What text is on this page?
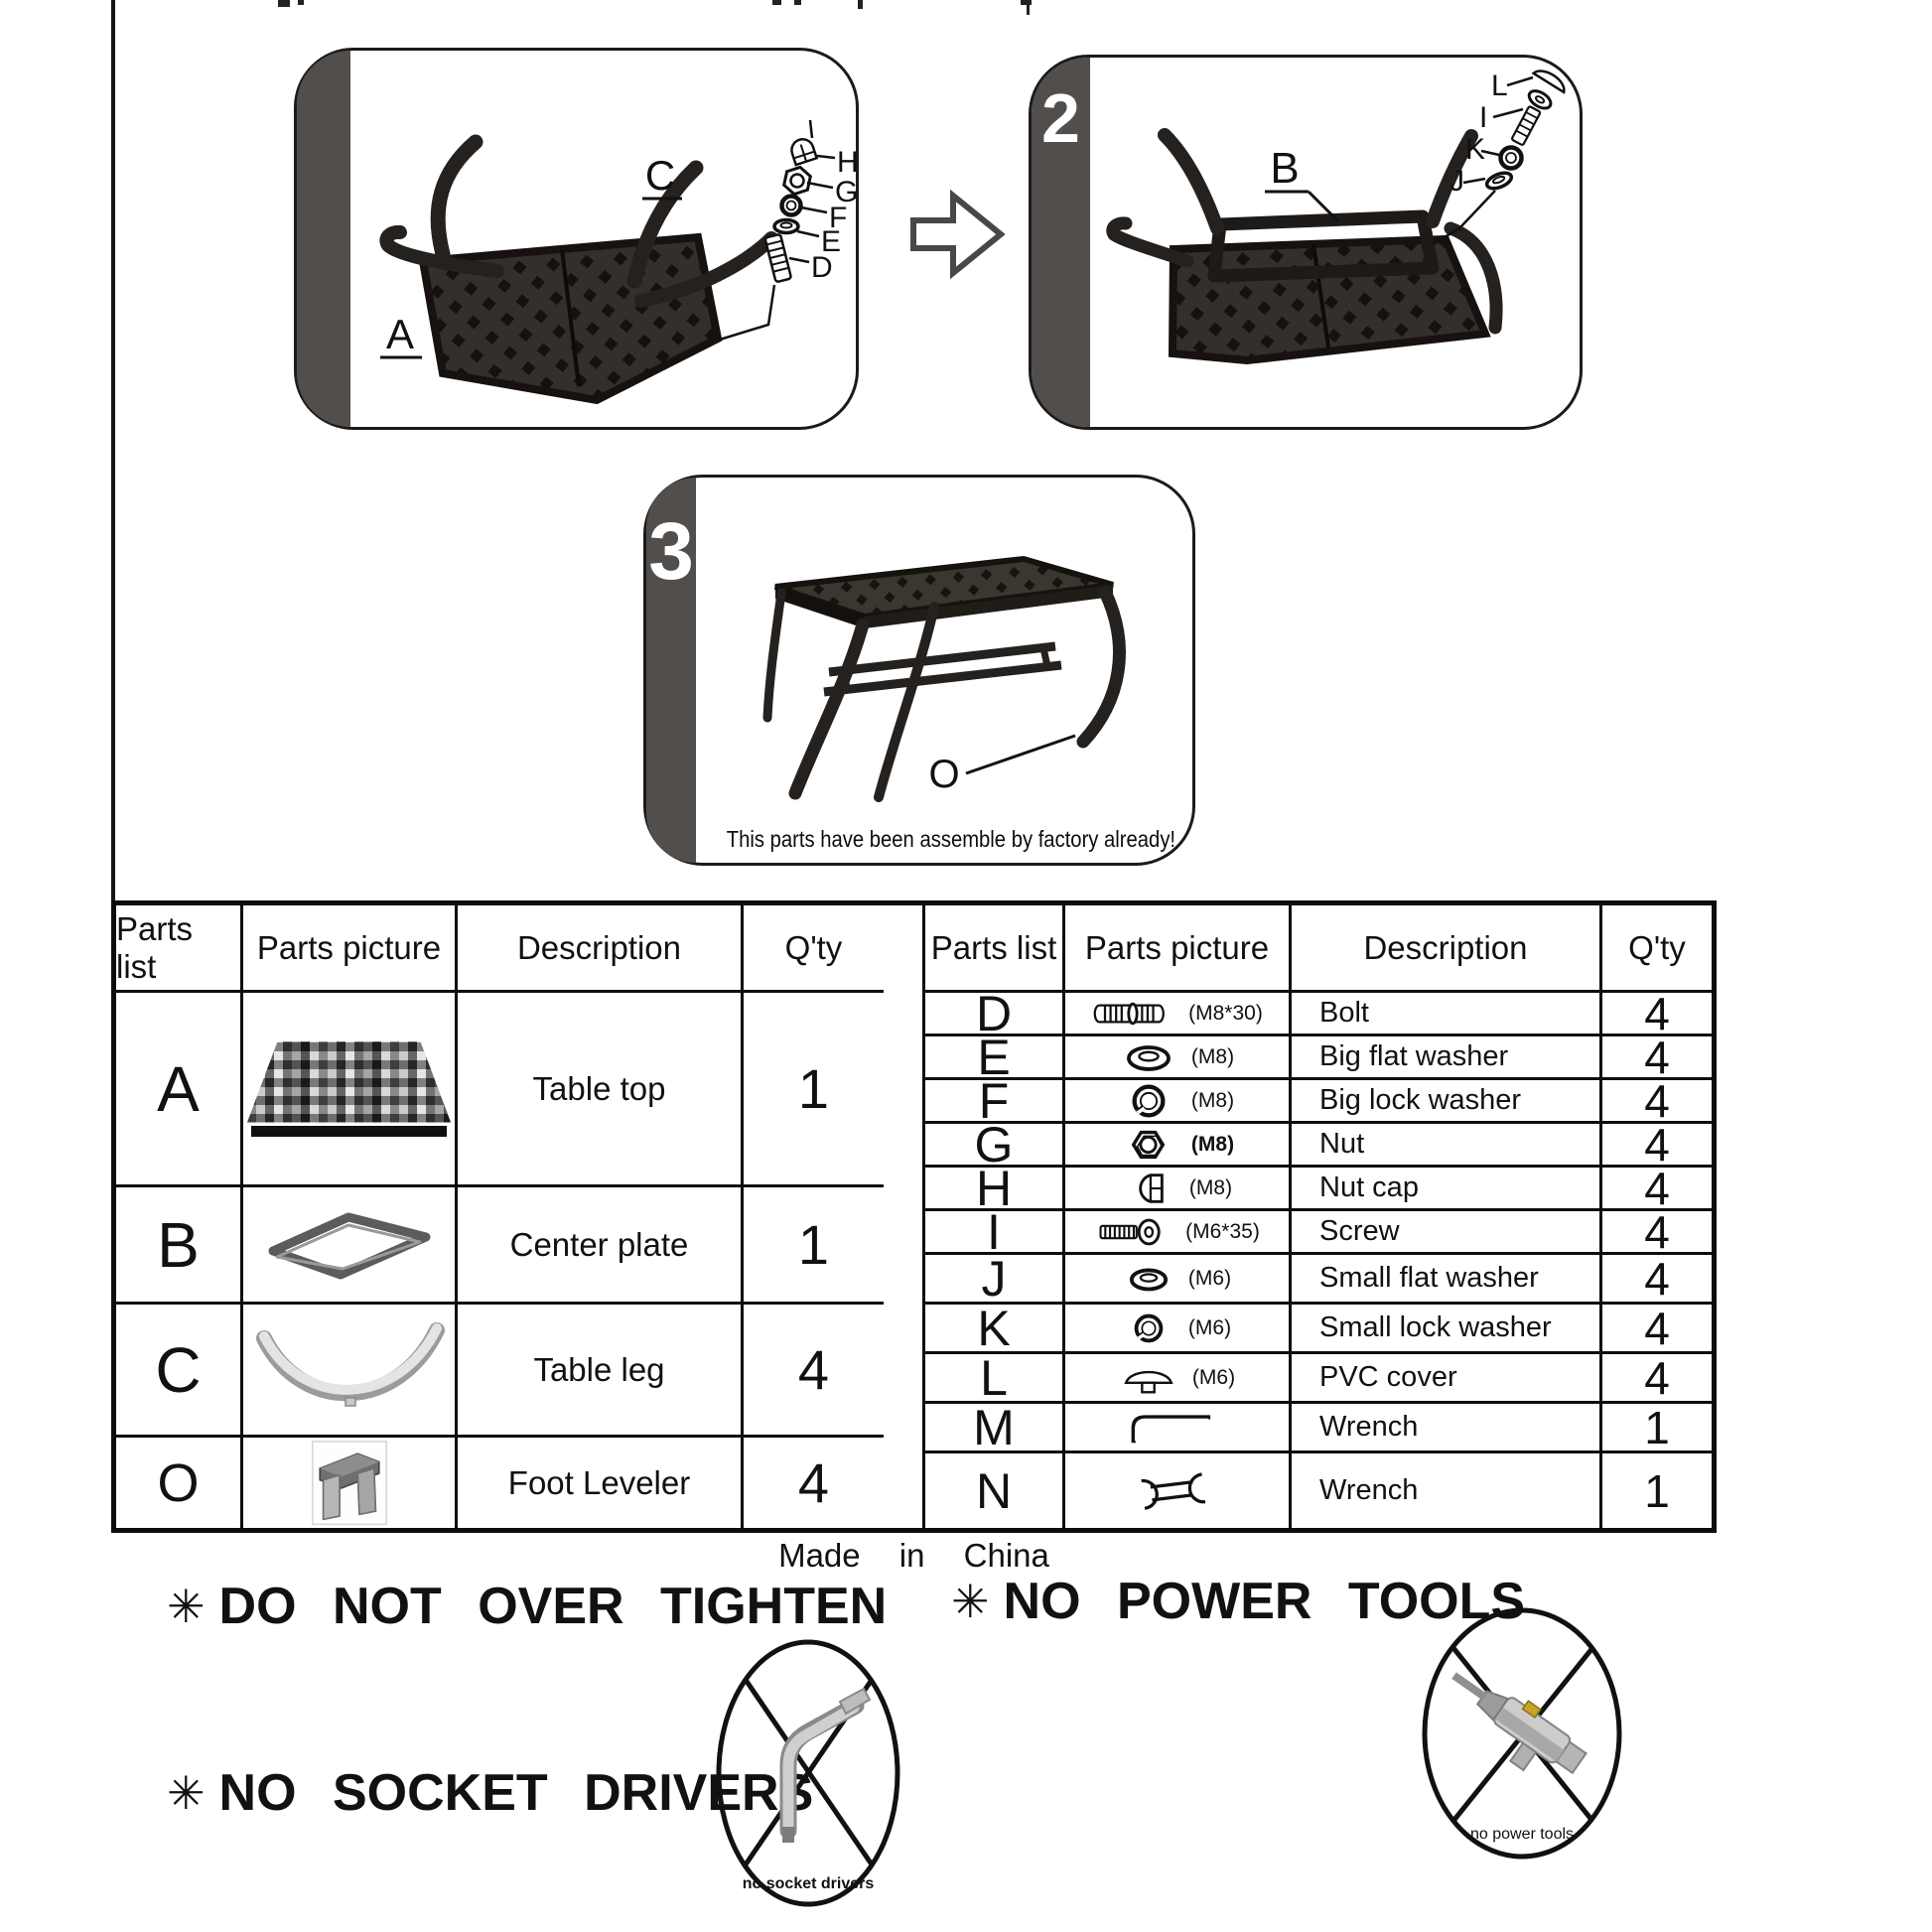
C
A
H
G
F
E
D
2
B
L
I
K
J
3
O
This parts have been assemble by factory already!
Parts list
Parts picture	Description	Q'ty
A	Table top	1
B	Center plate	1
C	Table leg	4
O	Foot Leveler	4
Parts list Parts picture	Description	Q'ty
D	(M8*30)	Bolt	4
E	(M8)	Big flat washer	4
F	(M8)	Big lock washer	4
G	(M8)	Nut	4
H	(M8)	Nut cap	4
I	(M6*35)	Screw	4
J	(M6)	Small flat washer	4
K	(M6)	Small lock washer	4
L	(M6)	PVC cover	4
M	Wrench	1
N	Wrench	1
Made in China
✳ DO NOT OVER TIGHTEN ✳ NO POWER TOOLS
✳ NO SOCKET DRIVERS
no socket drivers
no power tools
